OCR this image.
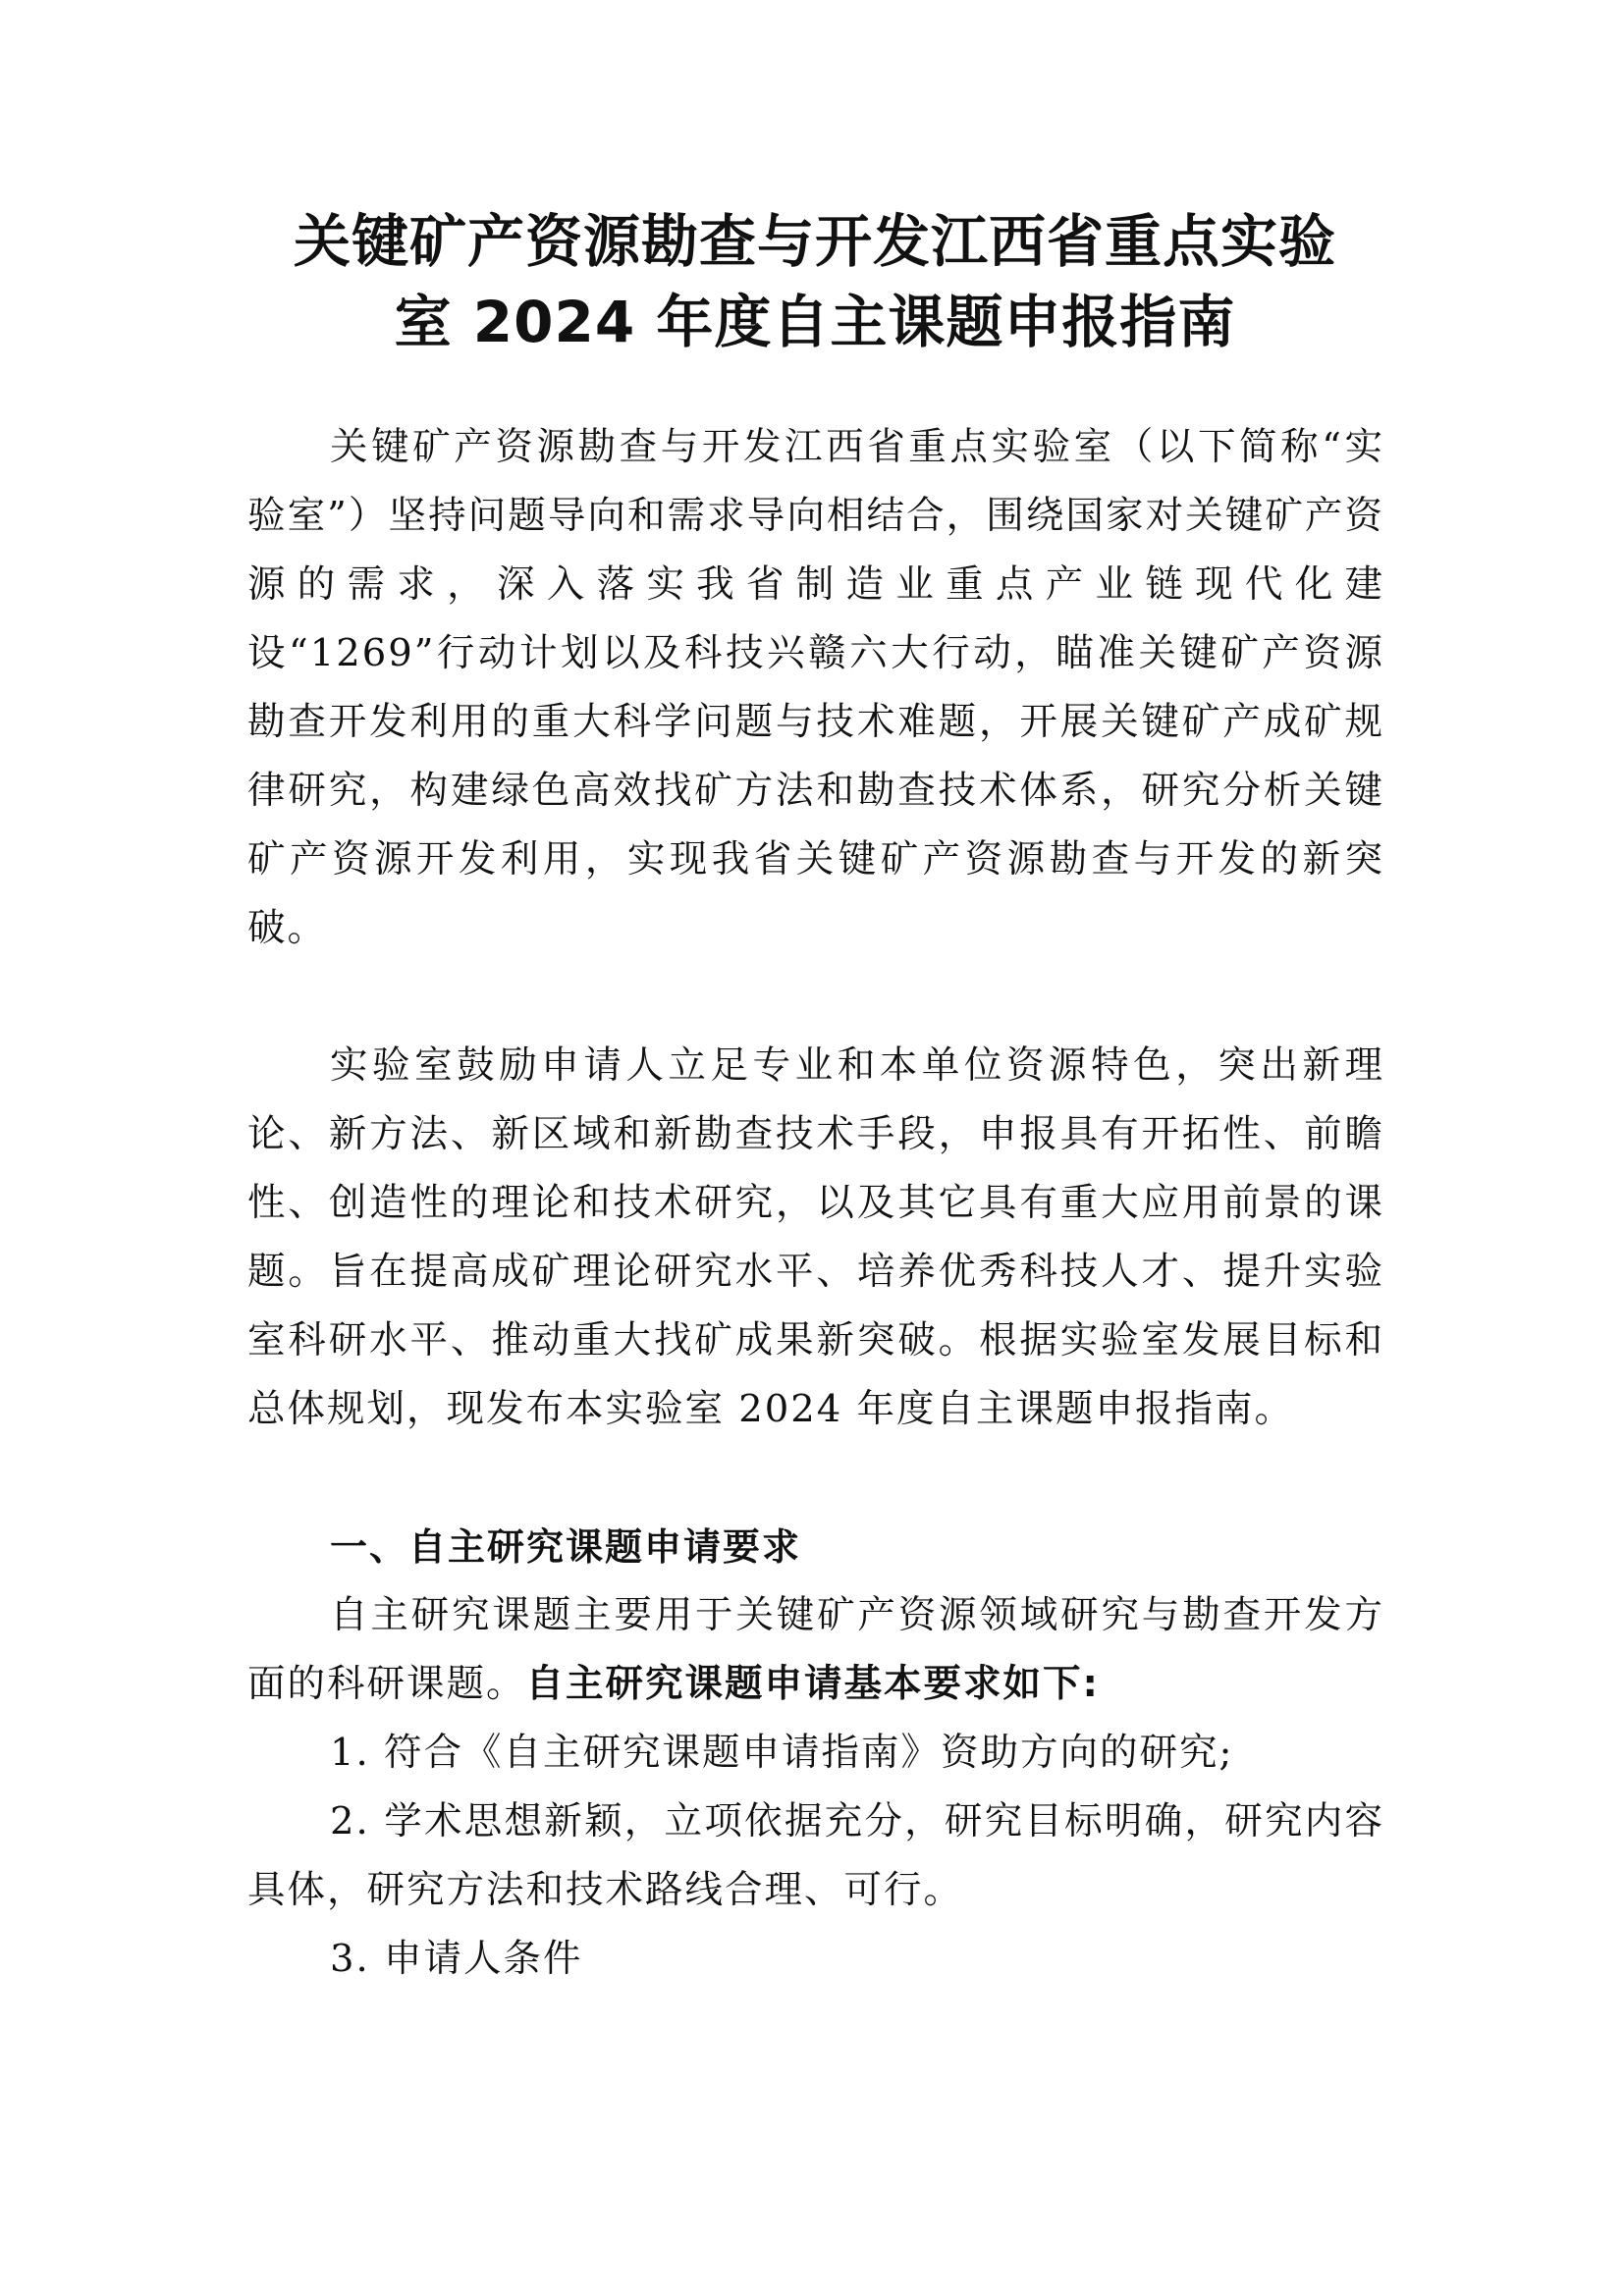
关键矿产资源勘查与开发江西省重点实验
室 2024 年度自主课题申报指南

关键矿产资源勘查与开发江西省重点实验室（以下简称“实验室”）坚持问题导向和需求导向相结合，围绕国家对关键矿产资源的需求，深入落实我省制造业重点产业链现代化建设“1269”行动计划以及科技兴赣六大行动，瞄准关键矿产资源勘查开发利用的重大科学问题与技术难题，开展关键矿产成矿规律研究，构建绿色高效找矿方法和勘查技术体系，研究分析关键矿产资源开发利用，实现我省关键矿产资源勘查与开发的新突破。

实验室鼓励申请人立足专业和本单位资源特色，突出新理论、新方法、新区域和新勘查技术手段，申报具有开拓性、前瞻性、创造性的理论和技术研究，以及其它具有重大应用前景的课题。旨在提高成矿理论研究水平、培养优秀科技人才、提升实验室科研水平、推动重大找矿成果新突破。根据实验室发展目标和总体规划，现发布本实验室 2024 年度自主课题申报指南。

一、自主研究课题申请要求

自主研究课题主要用于关键矿产资源领域研究与勘查开发方面的科研课题。自主研究课题申请基本要求如下:

1. 符合《自主研究课题申请指南》资助方向的研究;

2. 学术思想新颖，立项依据充分，研究目标明确，研究内容具体，研究方法和技术路线合理、可行。

3. 申请人条件
